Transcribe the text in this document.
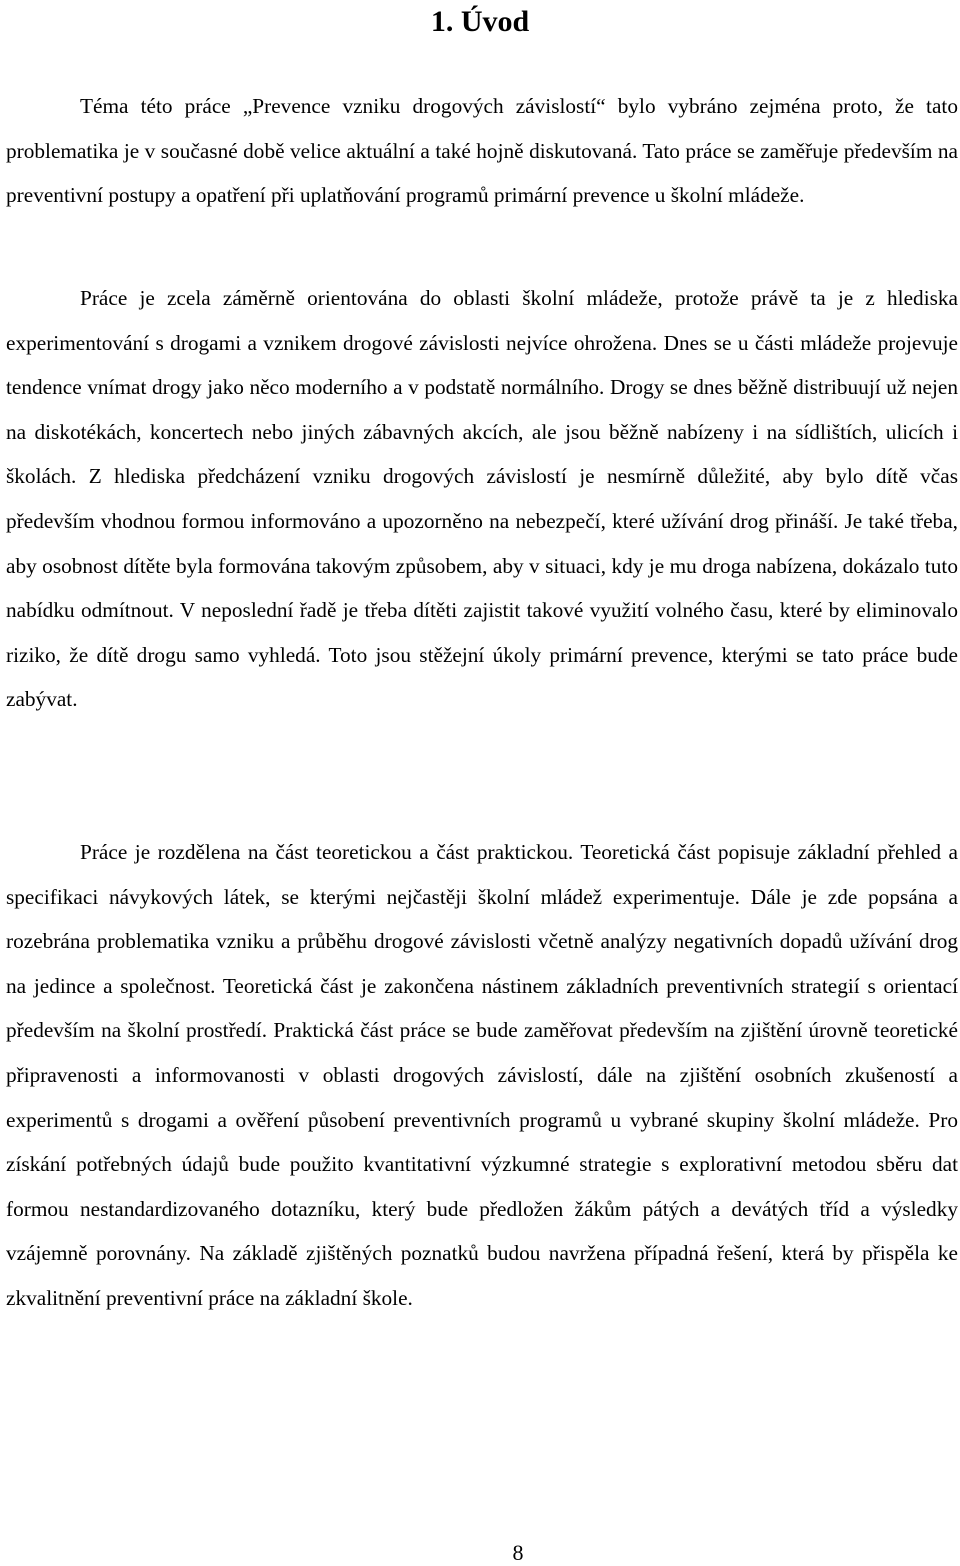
1. Úvod

Téma této práce „Prevence vzniku drogových závislostí“ bylo vybráno zejména proto, že tato problematika je v současné době velice aktuální a také hojně diskutovaná. Tato práce se zaměřuje především na preventivní postupy a opatření při uplatňování programů primární prevence u školní mládeže.

Práce je zcela záměrně orientována do oblasti školní mládeže, protože právě ta je z hlediska experimentování s drogami a vznikem drogové závislosti nejvíce ohrožena. Dnes se u části mládeže projevuje tendence vnímat drogy jako něco moderního a v podstatě normálního. Drogy se dnes běžně distribuují už nejen na diskotékách, koncertech nebo jiných zábavných akcích, ale jsou běžně nabízeny i na sídlištích, ulicích i školách. Z hlediska předcházení vzniku drogových závislostí je nesmírně důležité, aby bylo dítě včas především vhodnou formou informováno a upozorněno na nebezpečí, které užívání drog přináší. Je také třeba, aby osobnost dítěte byla formována takovým způsobem, aby v situaci, kdy je mu droga nabízena, dokázalo tuto nabídku odmítnout. V neposlední řadě je třeba dítěti zajistit takové využití volného času, které by eliminovalo riziko, že dítě drogu samo vyhledá. Toto jsou stěžejní úkoly primární prevence, kterými se tato práce bude zabývat.

Práce je rozdělena na část teoretickou a část praktickou. Teoretická část popisuje základní přehled a specifikaci návykových látek, se kterými nejčastěji školní mládež experimentuje. Dále je zde popsána a rozebrána problematika vzniku a průběhu drogové závislosti včetně analýzy negativních dopadů užívání drog na jedince a společnost. Teoretická část je zakončena nástinem základních preventivních strategií s orientací především na školní prostředí. Praktická část práce se bude zaměřovat především na zjištění úrovně teoretické připravenosti a informovanosti v oblasti drogových závislostí, dále na zjištění osobních zkušeností a experimentů s drogami a ověření působení preventivních programů u vybrané skupiny školní mládeže. Pro získání potřebných údajů bude použito kvantitativní výzkumné strategie s explorativní metodou sběru dat formou nestandardizovaného dotazníku, který bude předložen žákům pátých a devátých tříd a výsledky vzájemně porovnány. Na základě zjištěných poznatků budou navržena případná řešení, která by přispěla ke zkvalitnění preventivní práce na základní škole.

8
